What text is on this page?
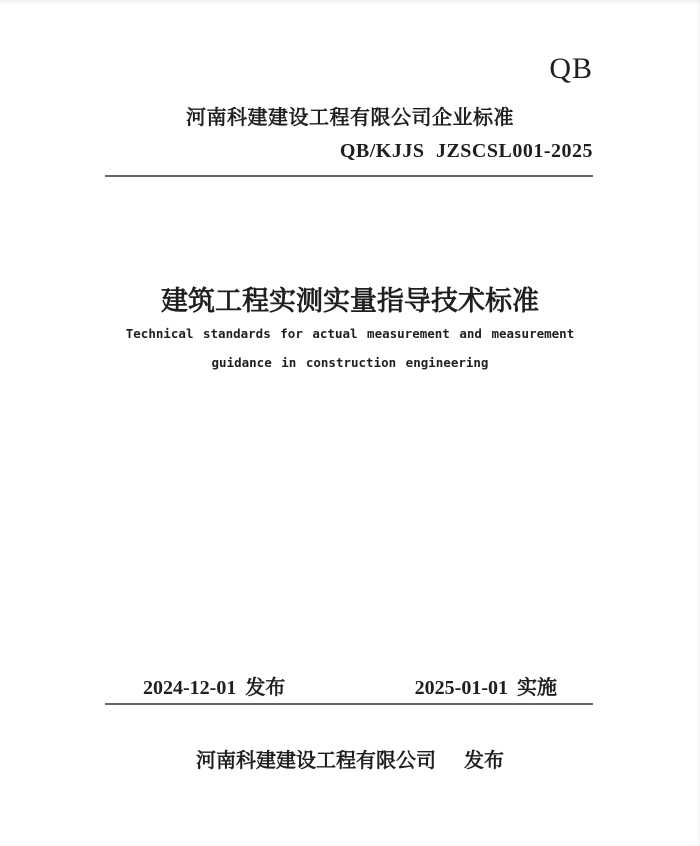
QB
河南科建建设工程有限公司企业标准
QB/KJJS JZSCSL001-2025
建筑工程实测实量指导技术标准
Technical standards for actual measurement and measurement
guidance in construction engineering
2024-12-01 发布	2025-01-01 实施
河南科建建设工程有限公司 发布
